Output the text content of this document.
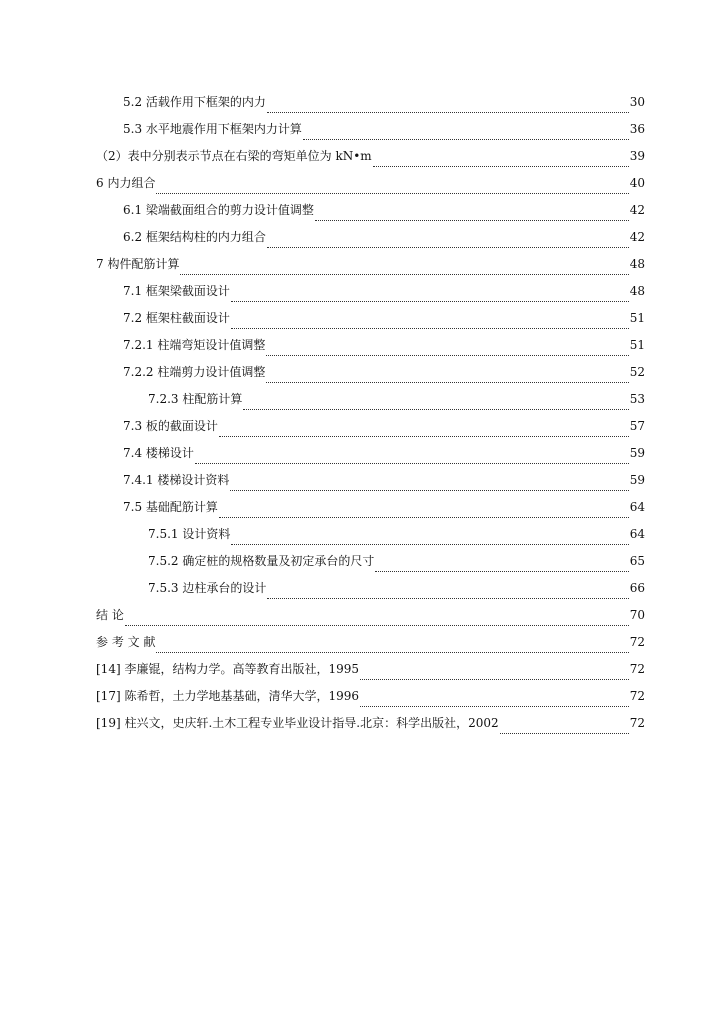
5.2 活载作用下框架的内力	30
5.3 水平地震作用下框架内力计算	36
（2）表中分别表示节点在右梁的弯矩单位为 kN•m	39
6 内力组合	40
6.1 梁端截面组合的剪力设计值调整	42
6.2 框架结构柱的内力组合	42
7 构件配筋计算	48
7.1 框架梁截面设计	48
7.2 框架柱截面设计	51
7.2.1 柱端弯矩设计值调整	51
7.2.2 柱端剪力设计值调整	52
7.2.3 柱配筋计算	53
7.3 板的截面设计	57
7.4 楼梯设计	59
7.4.1 楼梯设计资料	59
7.5 基础配筋计算	64
7.5.1 设计资料	64
7.5.2 确定桩的规格数量及初定承台的尺寸	65
7.5.3 边柱承台的设计	66
结 论	70
参 考 文 献	72
[14] 李廉锟，结构力学。高等教育出版社，1995	72
[17] 陈希哲，土力学地基基础，清华大学，1996	72
[19] 柱兴文，史庆轩.土木工程专业毕业设计指导.北京：科学出版社，2002	72
